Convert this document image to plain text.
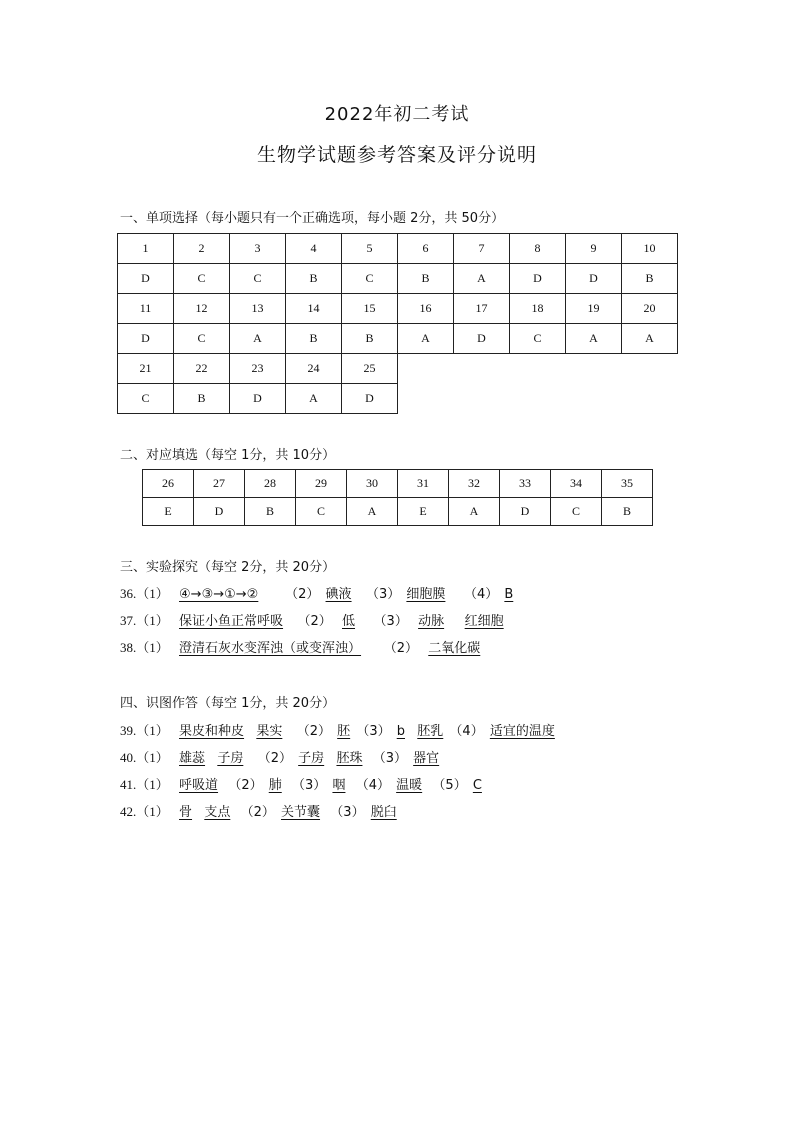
2022年初二考试
生物学试题参考答案及评分说明
一、单项选择（每小题只有一个正确选项，每小题 2分，共 50分）
1	2	3	4	5	6	7	8	9	10
D	C	C	B	C	B	A	D	D	B
11	12	13	14	15	16	17	18	19	20
D	C	A	B	B	A	D	C	A	A
21	22	23	24	25					
C	B	D	A	D					
二、对应填选（每空 1分，共 10分）
26	27	28	29	30	31	32	33	34	35
E	D	B	C	A	E	A	D	C	B
三、实验探究（每空 2分，共 20分）
36.（1） ④→③→①→② （2） 碘液 （3） 细胞膜 （4） B
37.（1） 保证小鱼正常呼吸 （2） 低 （3） 动脉 红细胞
38.（1） 澄清石灰水变浑浊（或变浑浊） （2） 二氧化碳
四、识图作答（每空 1分，共 20分）
39.（1） 果皮和种皮 果实 （2） 胚 （3） b 胚乳 （4） 适宜的温度
40.（1） 雄蕊 子房 （2） 子房 胚珠 （3） 器官
41.（1） 呼吸道 （2） 肺 （3） 咽 （4） 温暖 （5） C
42.（1） 骨 支点 （2） 关节囊 （3） 脱臼
